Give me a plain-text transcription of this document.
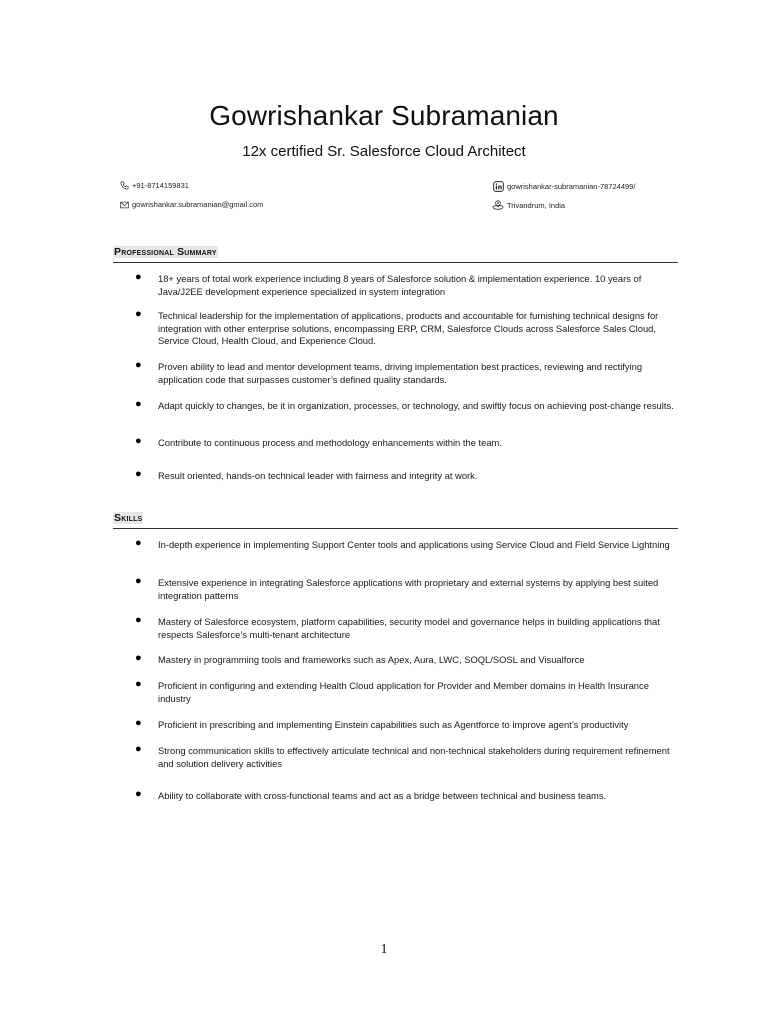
Gowrishankar Subramanian
12x certified Sr. Salesforce Cloud Architect
+91-8714159831
gowrishankar.subramanian@gmail.com
gowrishankar-subramanian-78724499/
Trivandrum, India
Professional Summary
● 18+ years of total work experience including 8 years of Salesforce solution & implementation experience. 10 years of Java/J2EE development experience specialized in system integration
● Technical leadership for the implementation of applications, products and accountable for furnishing technical designs for integration with other enterprise solutions, encompassing ERP, CRM, Salesforce Clouds across Salesforce Sales Cloud, Service Cloud, Health Cloud, and Experience Cloud.
● Proven ability to lead and mentor development teams, driving implementation best practices, reviewing and rectifying application code that surpasses customer’s defined quality standards.
● Adapt quickly to changes, be it in organization, processes, or technology, and swiftly focus on achieving post-change results.
● Contribute to continuous process and methodology enhancements within the team.
● Result oriented, hands-on technical leader with fairness and integrity at work.
Skills
● In-depth experience in implementing Support Center tools and applications using Service Cloud and Field Service Lightning
● Extensive experience in integrating Salesforce applications with proprietary and external systems by applying best suited integration patterns
● Mastery of Salesforce ecosystem, platform capabilities, security model and governance helps in building applications that respects Salesforce’s multi-tenant architecture
● Mastery in programming tools and frameworks such as Apex, Aura, LWC, SOQL/SOSL and Visualforce
● Proficient in configuring and extending Health Cloud application for Provider and Member domains in Health Insurance industry
● Proficient in prescribing and implementing Einstein capabilities such as Agentforce to improve agent’s productivity
● Strong communication skills to effectively articulate technical and non-technical stakeholders during requirement refinement and solution delivery activities
● Ability to collaborate with cross-functional teams and act as a bridge between technical and business teams.
1
